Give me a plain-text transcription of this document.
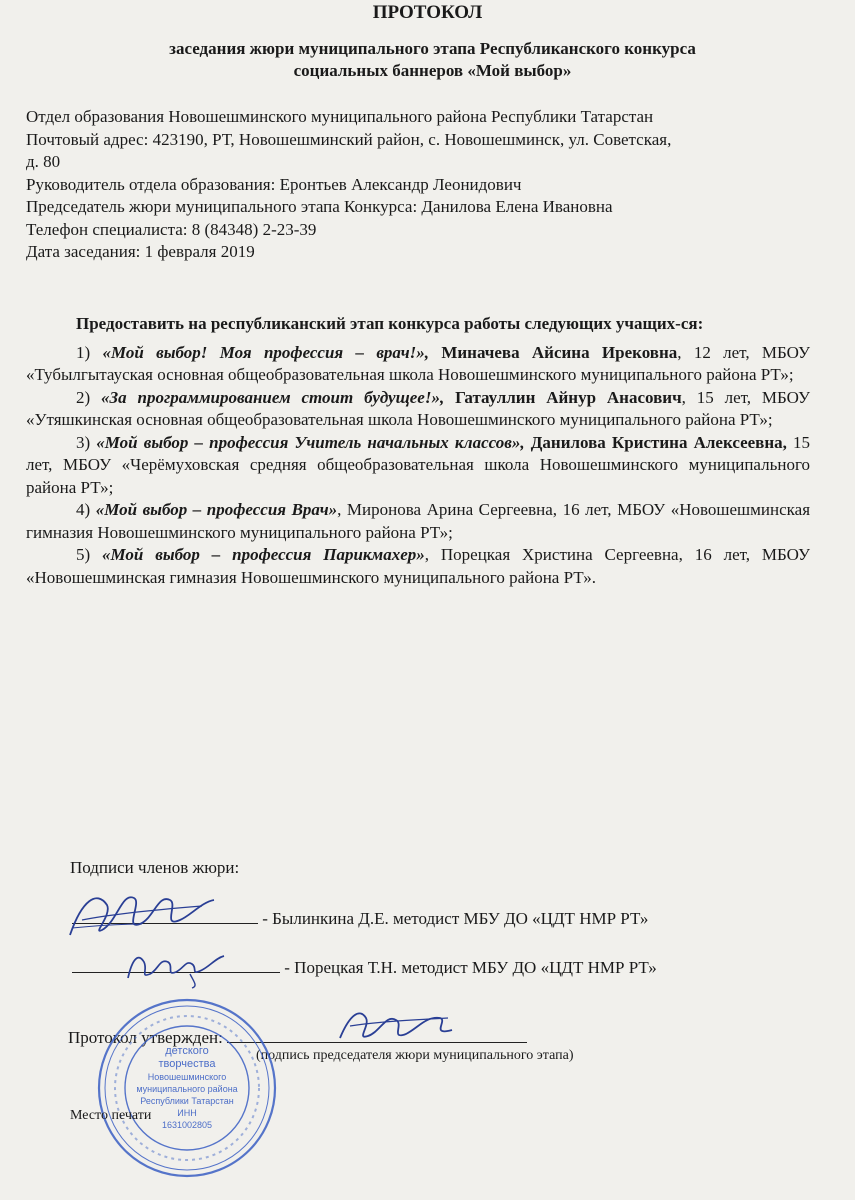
ПРОТОКОЛ
заседания жюри муниципального этапа Республиканского конкурса
социальных баннеров «Мой выбор»
Отдел образования Новошешминского муниципального района Республики Татарстан
Почтовый адрес: 423190, РТ, Новошешминский район, с. Новошешминск, ул. Советская,
д. 80
Руководитель отдела образования: Еронтьев Александр Леонидович
Председатель жюри муниципального этапа Конкурса: Данилова Елена Ивановна
Телефон специалиста: 8 (84348) 2-23-39
Дата заседания: 1 февраля 2019
Предоставить на республиканский этап конкурса работы следующих учащих-ся:
1) «Мой выбор! Моя профессия – врач!», Миначева Айсина Ирековна, 12 лет, МБОУ «Тубылгытауская основная общеобразовательная школа Новошешминского муниципального района РТ»;
2) «За программированием стоит будущее!», Гатауллин Айнур Анасович, 15 лет, МБОУ «Утяшкинская основная общеобразовательная школа Новошешминского муниципального района РТ»;
3) «Мой выбор – профессия Учитель начальных классов», Данилова Кристина Алексеевна, 15 лет, МБОУ «Черёмуховская средняя общеобразовательная школа Новошешминского муниципального района РТ»;
4) «Мой выбор – профессия Врач», Миронова Арина Сергеевна, 16 лет, МБОУ «Новошешминская гимназия Новошешминского муниципального района РТ»;
5) «Мой выбор – профессия Парикмахер», Порецкая Христина Сергеевна, 16 лет, МБОУ «Новошешминская гимназия Новошешминского муниципального района РТ».
Подписи членов жюри:
- Былинкина Д.Е. методист МБУ ДО «ЦДТ НМР РТ»
- Порецкая Т.Н. методист МБУ ДО «ЦДТ НМР РТ»
Протокол утвержден:
(подпись председателя жюри муниципального этапа)
детского
творчества
Новошешминского
муниципального района
Республики Татарстан
ИНН
1631002805
Место печати
